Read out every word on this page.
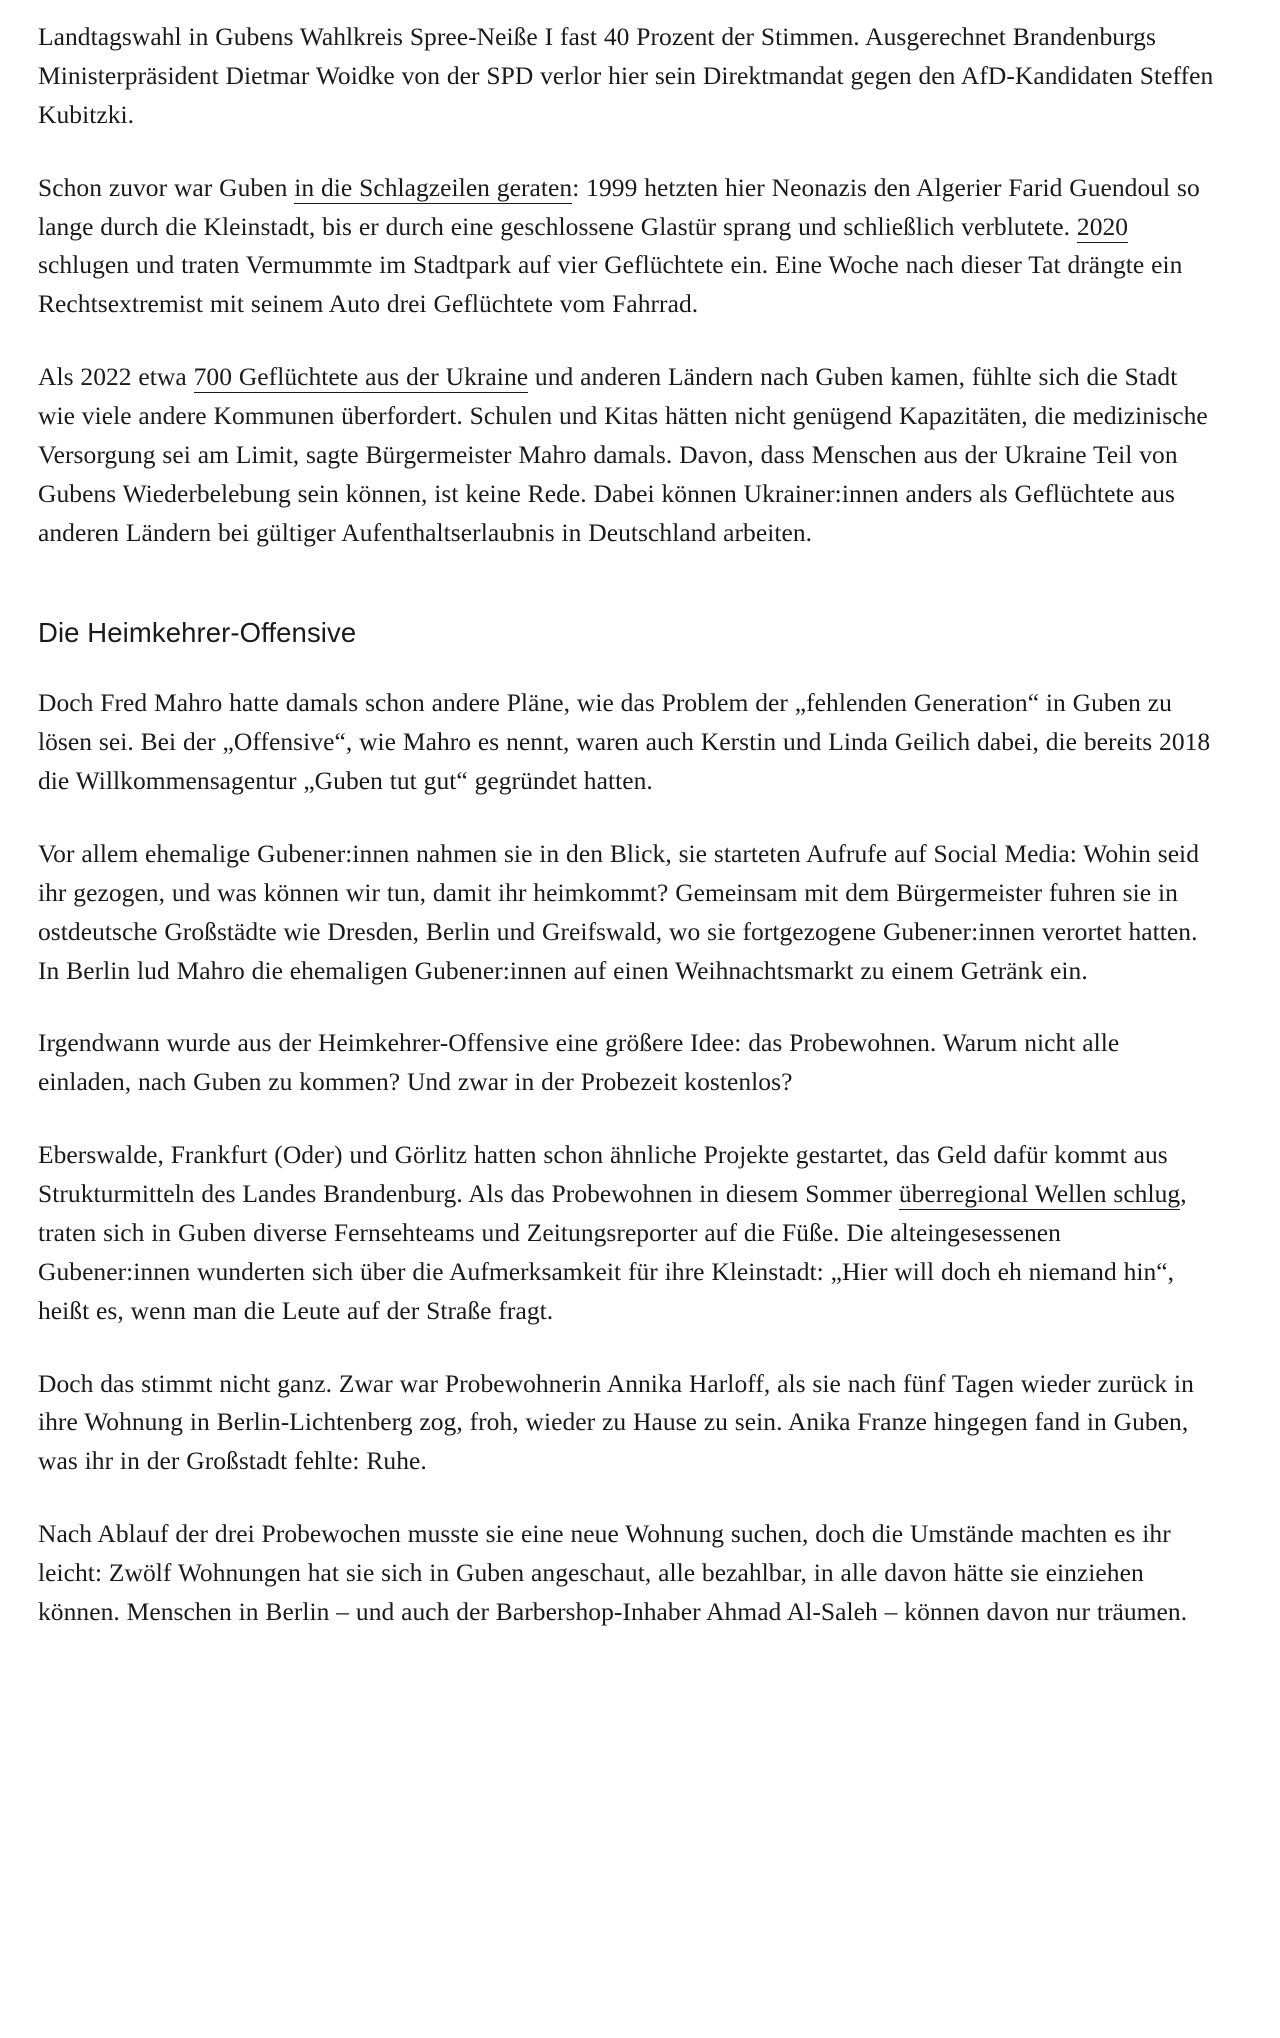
Landtagswahl in Gubens Wahlkreis Spree-Neiße I fast 40 Prozent der Stimmen. Ausgerechnet Brandenburgs Ministerpräsident Dietmar Woidke von der SPD verlor hier sein Direktmandat gegen den AfD-Kandidaten Steffen Kubitzki.

Schon zuvor war Guben in die Schlagzeilen geraten: 1999 hetzten hier Neonazis den Algerier Farid Guendoul so lange durch die Kleinstadt, bis er durch eine geschlossene Glastür sprang und schließlich verblutete. 2020 schlugen und traten Vermummte im Stadtpark auf vier Geflüchtete ein. Eine Woche nach dieser Tat drängte ein Rechtsextremist mit seinem Auto drei Geflüchtete vom Fahrrad.

Als 2022 etwa 700 Geflüchtete aus der Ukraine und anderen Ländern nach Guben kamen, fühlte sich die Stadt wie viele andere Kommunen überfordert. Schulen und Kitas hätten nicht genügend Kapazitäten, die medizinische Versorgung sei am Limit, sagte Bürgermeister Mahro damals. Davon, dass Menschen aus der Ukraine Teil von Gubens Wiederbelebung sein können, ist keine Rede. Dabei können Ukrainer:innen anders als Geflüchtete aus anderen Ländern bei gültiger Aufenthaltserlaubnis in Deutschland arbeiten.

Die Heimkehrer-Offensive

Doch Fred Mahro hatte damals schon andere Pläne, wie das Problem der „fehlenden Generation“ in Guben zu lösen sei. Bei der „Offensive“, wie Mahro es nennt, waren auch Kerstin und Linda Geilich dabei, die bereits 2018 die Willkommensagentur „Guben tut gut“ gegründet hatten.

Vor allem ehemalige Gubener:innen nahmen sie in den Blick, sie starteten Aufrufe auf Social Media: Wohin seid ihr gezogen, und was können wir tun, damit ihr heimkommt? Gemeinsam mit dem Bürgermeister fuhren sie in ostdeutsche Großstädte wie Dresden, Berlin und Greifswald, wo sie fortgezogene Gubener:innen verortet hatten. In Berlin lud Mahro die ehemaligen Gubener:innen auf einen Weihnachtsmarkt zu einem Getränk ein.

Irgendwann wurde aus der Heimkehrer-Offensive eine größere Idee: das Probewohnen. Warum nicht alle einladen, nach Guben zu kommen? Und zwar in der Probezeit kostenlos?

Eberswalde, Frankfurt (Oder) und Görlitz hatten schon ähnliche Projekte gestartet, das Geld dafür kommt aus Strukturmitteln des Landes Brandenburg. Als das Probewohnen in diesem Sommer überregional Wellen schlug, traten sich in Guben diverse Fernsehteams und Zeitungsreporter auf die Füße. Die alteingesessenen Gubener:innen wunderten sich über die Aufmerksamkeit für ihre Kleinstadt: „Hier will doch eh niemand hin“, heißt es, wenn man die Leute auf der Straße fragt.

Doch das stimmt nicht ganz. Zwar war Probewohnerin Annika Harloff, als sie nach fünf Tagen wieder zurück in ihre Wohnung in Berlin-Lichtenberg zog, froh, wieder zu Hause zu sein. Anika Franze hingegen fand in Guben, was ihr in der Großstadt fehlte: Ruhe.

Nach Ablauf der drei Probewochen musste sie eine neue Wohnung suchen, doch die Umstände machten es ihr leicht: Zwölf Wohnungen hat sie sich in Guben angeschaut, alle bezahlbar, in alle davon hätte sie einziehen können. Menschen in Berlin – und auch der Barbershop-Inhaber Ahmad Al-Saleh – können davon nur träumen.
